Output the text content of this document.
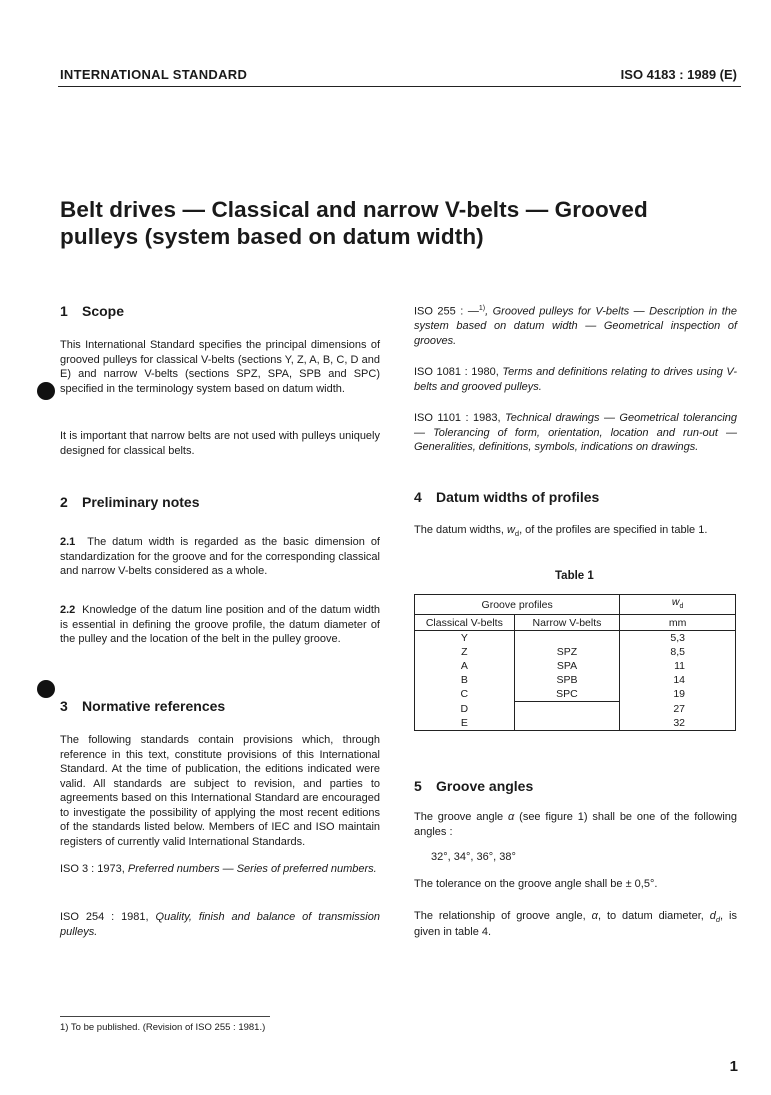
INTERNATIONAL STANDARD	ISO 4183 : 1989 (E)
Belt drives — Classical and narrow V-belts — Grooved
pulleys (system based on datum width)
1 Scope

This International Standard specifies the principal dimensions of grooved pulleys for classical V-belts (sections Y, Z, A, B, C, D and E) and narrow V-belts (sections SPZ, SPA, SPB and SPC) specified in the terminology system based on datum width.

It is important that narrow belts are not used with pulleys uniquely designed for classical belts.

2 Preliminary notes

2.1 The datum width is regarded as the basic dimension of standardization for the groove and for the corresponding classical and narrow V-belts considered as a whole.

2.2 Knowledge of the datum line position and of the datum width is essential in defining the groove profile, the datum diameter of the pulley and the location of the belt in the pulley groove.

3 Normative references

The following standards contain provisions which, through reference in this text, constitute provisions of this International Standard. At the time of publication, the editions indicated were valid. All standards are subject to revision, and parties to agreements based on this International Standard are encouraged to investigate the possibility of applying the most recent editions of the standards listed below. Members of IEC and ISO maintain registers of currently valid International Standards.

ISO 3 : 1973, Preferred numbers — Series of preferred numbers.

ISO 254 : 1981, Quality, finish and balance of transmission pulleys.

ISO 255 : —$^{1)}$, Grooved pulleys for V-belts — Description in the system based on datum width — Geometrical inspection of grooves.

ISO 1081 : 1980, Terms and definitions relating to drives using V-belts and grooved pulleys.

ISO 1101 : 1983, Technical drawings — Geometrical tolerancing — Tolerancing of form, orientation, location and run-out — Generalities, definitions, symbols, indications on drawings.

4 Datum widths of profiles

The datum widths, $w_d$, of the profiles are specified in table 1.

Table 1
Groove profiles		$w_d$
Classical V-belts	Narrow V-belts	mm
Y		5,3
Z	SPZ	8,5
A	SPA	11
B	SPB	14
C	SPC	19
D		27
E		32
5 Groove angles

The groove angle α (see figure 1) shall be one of the following angles :

32°, 34°, 36°, 38°

The tolerance on the groove angle shall be ± 0,5°.

The relationship of groove angle, α, to datum diameter, $d_d$, is given in table 4.

1) To be published. (Revision of ISO 255 : 1981.)
1
